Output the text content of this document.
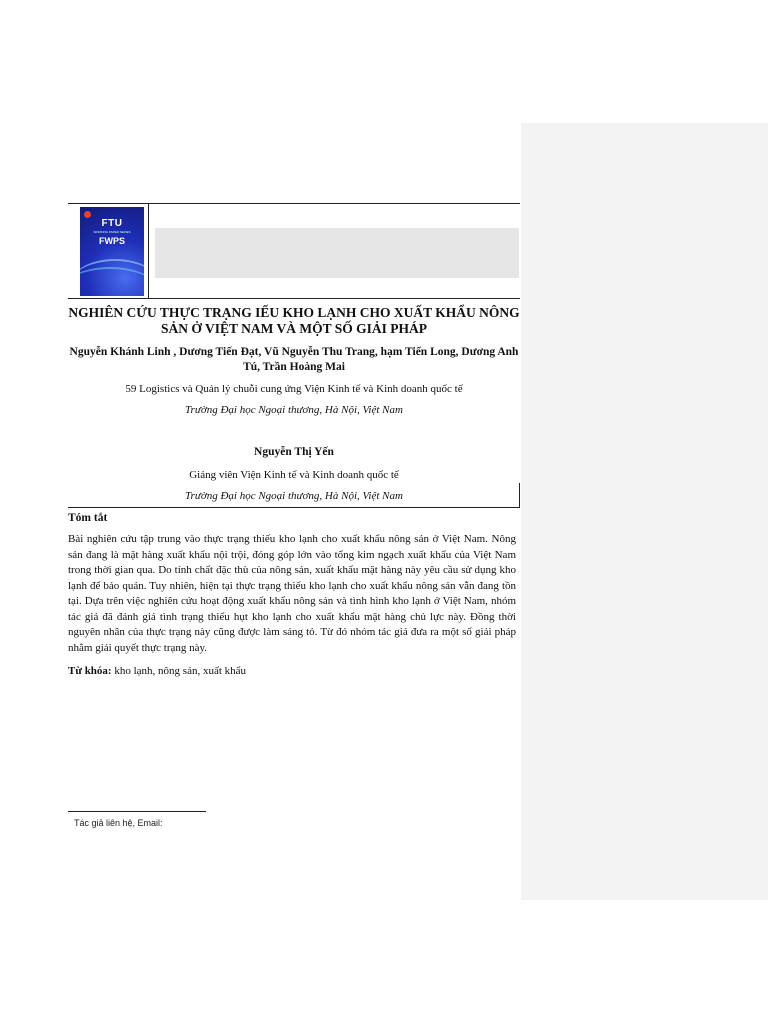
FTU
WORKING PAPER SERIES
FWPS
NGHIÊN CỨU THỰC TRẠNG IẾU KHO LẠNH CHO XUẤT KHẨU NÔNG SẢN Ở VIỆT NAM VÀ MỘT SỐ GIẢI PHÁP
Nguyễn Khánh Linh , Dương Tiến Đạt, Vũ Nguyễn Thu Trang, hạm Tiến Long, Dương Anh Tú, Trần Hoàng Mai
59 Logistics và Quản lý chuỗi cung ứng Viện Kinh tế và Kinh doanh quốc tế
Trường Đại học Ngoại thương, Hà Nội, Việt Nam
Nguyễn Thị Yến
Giảng viên Viện Kinh tế và Kinh doanh quốc tế
Trường Đại học Ngoại thương, Hà Nội, Việt Nam
Tóm tắt

Bài nghiên cứu tập trung vào thực trạng thiếu kho lạnh cho xuất khẩu nông sản ở Việt Nam. Nông sản đang là mặt hàng xuất khẩu nội trội, đóng góp lớn vào tổng kim ngạch xuất khẩu của Việt Nam trong thời gian qua. Do tính chất đặc thù của nông sản, xuất khẩu mặt hàng này yêu cầu sử dụng kho lạnh để bảo quản. Tuy nhiên, hiện tại thực trạng thiếu kho lạnh cho xuất khẩu nông sản vẫn đang tồn tại. Dựa trên việc nghiên cứu hoạt động xuất khẩu nông sản và tình hình kho lạnh ở Việt Nam, nhóm tác giả đã đánh giá tình trạng thiếu hụt kho lạnh cho xuất khẩu mặt hàng chủ lực này. Đồng thời nguyên nhân của thực trạng này cũng được làm sáng tỏ. Từ đó nhóm tác giả đưa ra một số giải pháp nhằm giải quyết thực trạng này.

Từ khóa: kho lạnh, nông sản, xuất khẩu
Tác giả liên hệ, Email:
